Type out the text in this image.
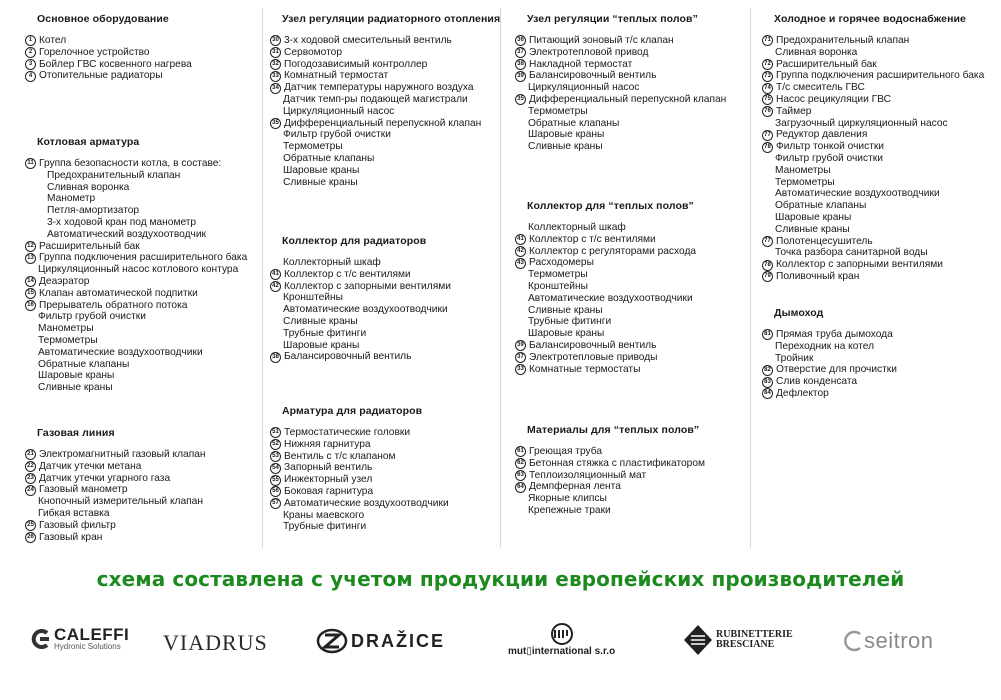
Основное оборудование
1 Котел
2 Горелочное устройство
3 Бойлер ГВС косвенного нагрева
4 Отопительные радиаторы
Котловая арматура
11 Группа безопасности котла, в составе:
Предохранительный клапан
Сливная воронка
Манометр
Петля-амортизатор
3-х ходовой кран под манометр
Автоматический воздухоотводчик
12 Расширительный бак
13 Группа подключения расширительного бака
Циркуляционный насос котлового контура
14 Деаэратор
15 Клапан автоматической подпитки
16 Прерыватель обратного потока
Фильтр грубой очистки
Манометры
Термометры
Автоматические воздухоотводчики
Обратные клапаны
Шаровые краны
Сливные краны
Газовая линия
21 Электромагнитный газовый клапан
22 Датчик утечки метана
23 Датчик утечки угарного газа
24 Газовый манометр
Кнопочный измерительный клапан
Гибкая вставка
25 Газовый фильтр
26 Газовый кран
Узел регуляции радиаторного отопления
30 3-х ходовой смесительный вентиль
31 Сервомотор
32 Погодозависимый контроллер
33 Комнатный термостат
34 Датчик температуры наружного воздуха
Датчик темп-ры подающей магистрали
Циркуляционный насос
35 Дифференциальный перепускной клапан
Фильтр грубой очистки
Термометры
Обратные клапаны
Шаровые краны
Сливные краны
Коллектор для радиаторов
Коллекторный шкаф
41 Коллектор с т/с вентилями
42 Коллектор с запорными вентилями
Кронштейны
Автоматические воздухоотводчики
Сливные краны
Трубные фитинги
Шаровые краны
38 Балансировочный вентиль
Арматура для радиаторов
51 Термостатические головки
52 Нижняя гарнитура
53 Вентиль с т/с клапаном
54 Запорный вентиль
55 Инжекторный узел
56 Боковая гарнитура
57 Автоматические воздухоотводчики
Краны маевского
Трубные фитинги
Узел регуляции “теплых полов”
36 Питающий зоновый т/с клапан
37 Электротепловой привод
38 Накладной термостат
39 Балансировочный вентиль
Циркуляционный насос
35 Дифференциальный перепускной клапан
Термометры
Обратные клапаны
Шаровые краны
Сливные краны
Коллектор для “теплых полов”
Коллекторный шкаф
41 Коллектор с т/с вентилями
42 Коллектор с регуляторами расхода
43 Расходомеры
Термометры
Кронштейны
Автоматические воздухоотводчики
Сливные краны
Трубные фитинги
Шаровые краны
39 Балансировочный вентиль
37 Электротепловые приводы
33 Комнатные термостаты
Материалы для “теплых полов”
61 Греющая труба
62 Бетонная стяжка с пластификатором
63 Теплоизоляционный мат
64 Демпферная лента
Якорные клипсы
Крепежные траки
Холодное и горячее водоснабжение
71 Предохранительный клапан
Сливная воронка
72 Расширительный бак
73 Группа подключения расширительного бака
74 Т/с смеситель ГВС
75 Насос рецикуляции ГВС
76 Таймер
Загрузочный циркуляционный насос
77 Редуктор давления
78 Фильтр тонкой очистки
Фильтр грубой очистки
Манометры
Термометры
Автоматические воздухоотводчики
Обратные клапаны
Шаровые краны
Сливные краны
77 Полотенцесушитель
Точка разбора санитарной воды
78 Коллектор с запорными вентилями
79 Поливочный кран
Дымоход
81 Прямая труба дымохода
Переходник на котел
Тройник
82 Отверстие для прочистки
83 Слив конденсата
84 Дефлектор
схема составлена с учетом продукции европейских производителей
CALEFFI
Hydronic Solutions	VIADRUS	DRAŽICE
mut▯international s.r.o
RUBINETTERIE
BRESCIANE	seitron
